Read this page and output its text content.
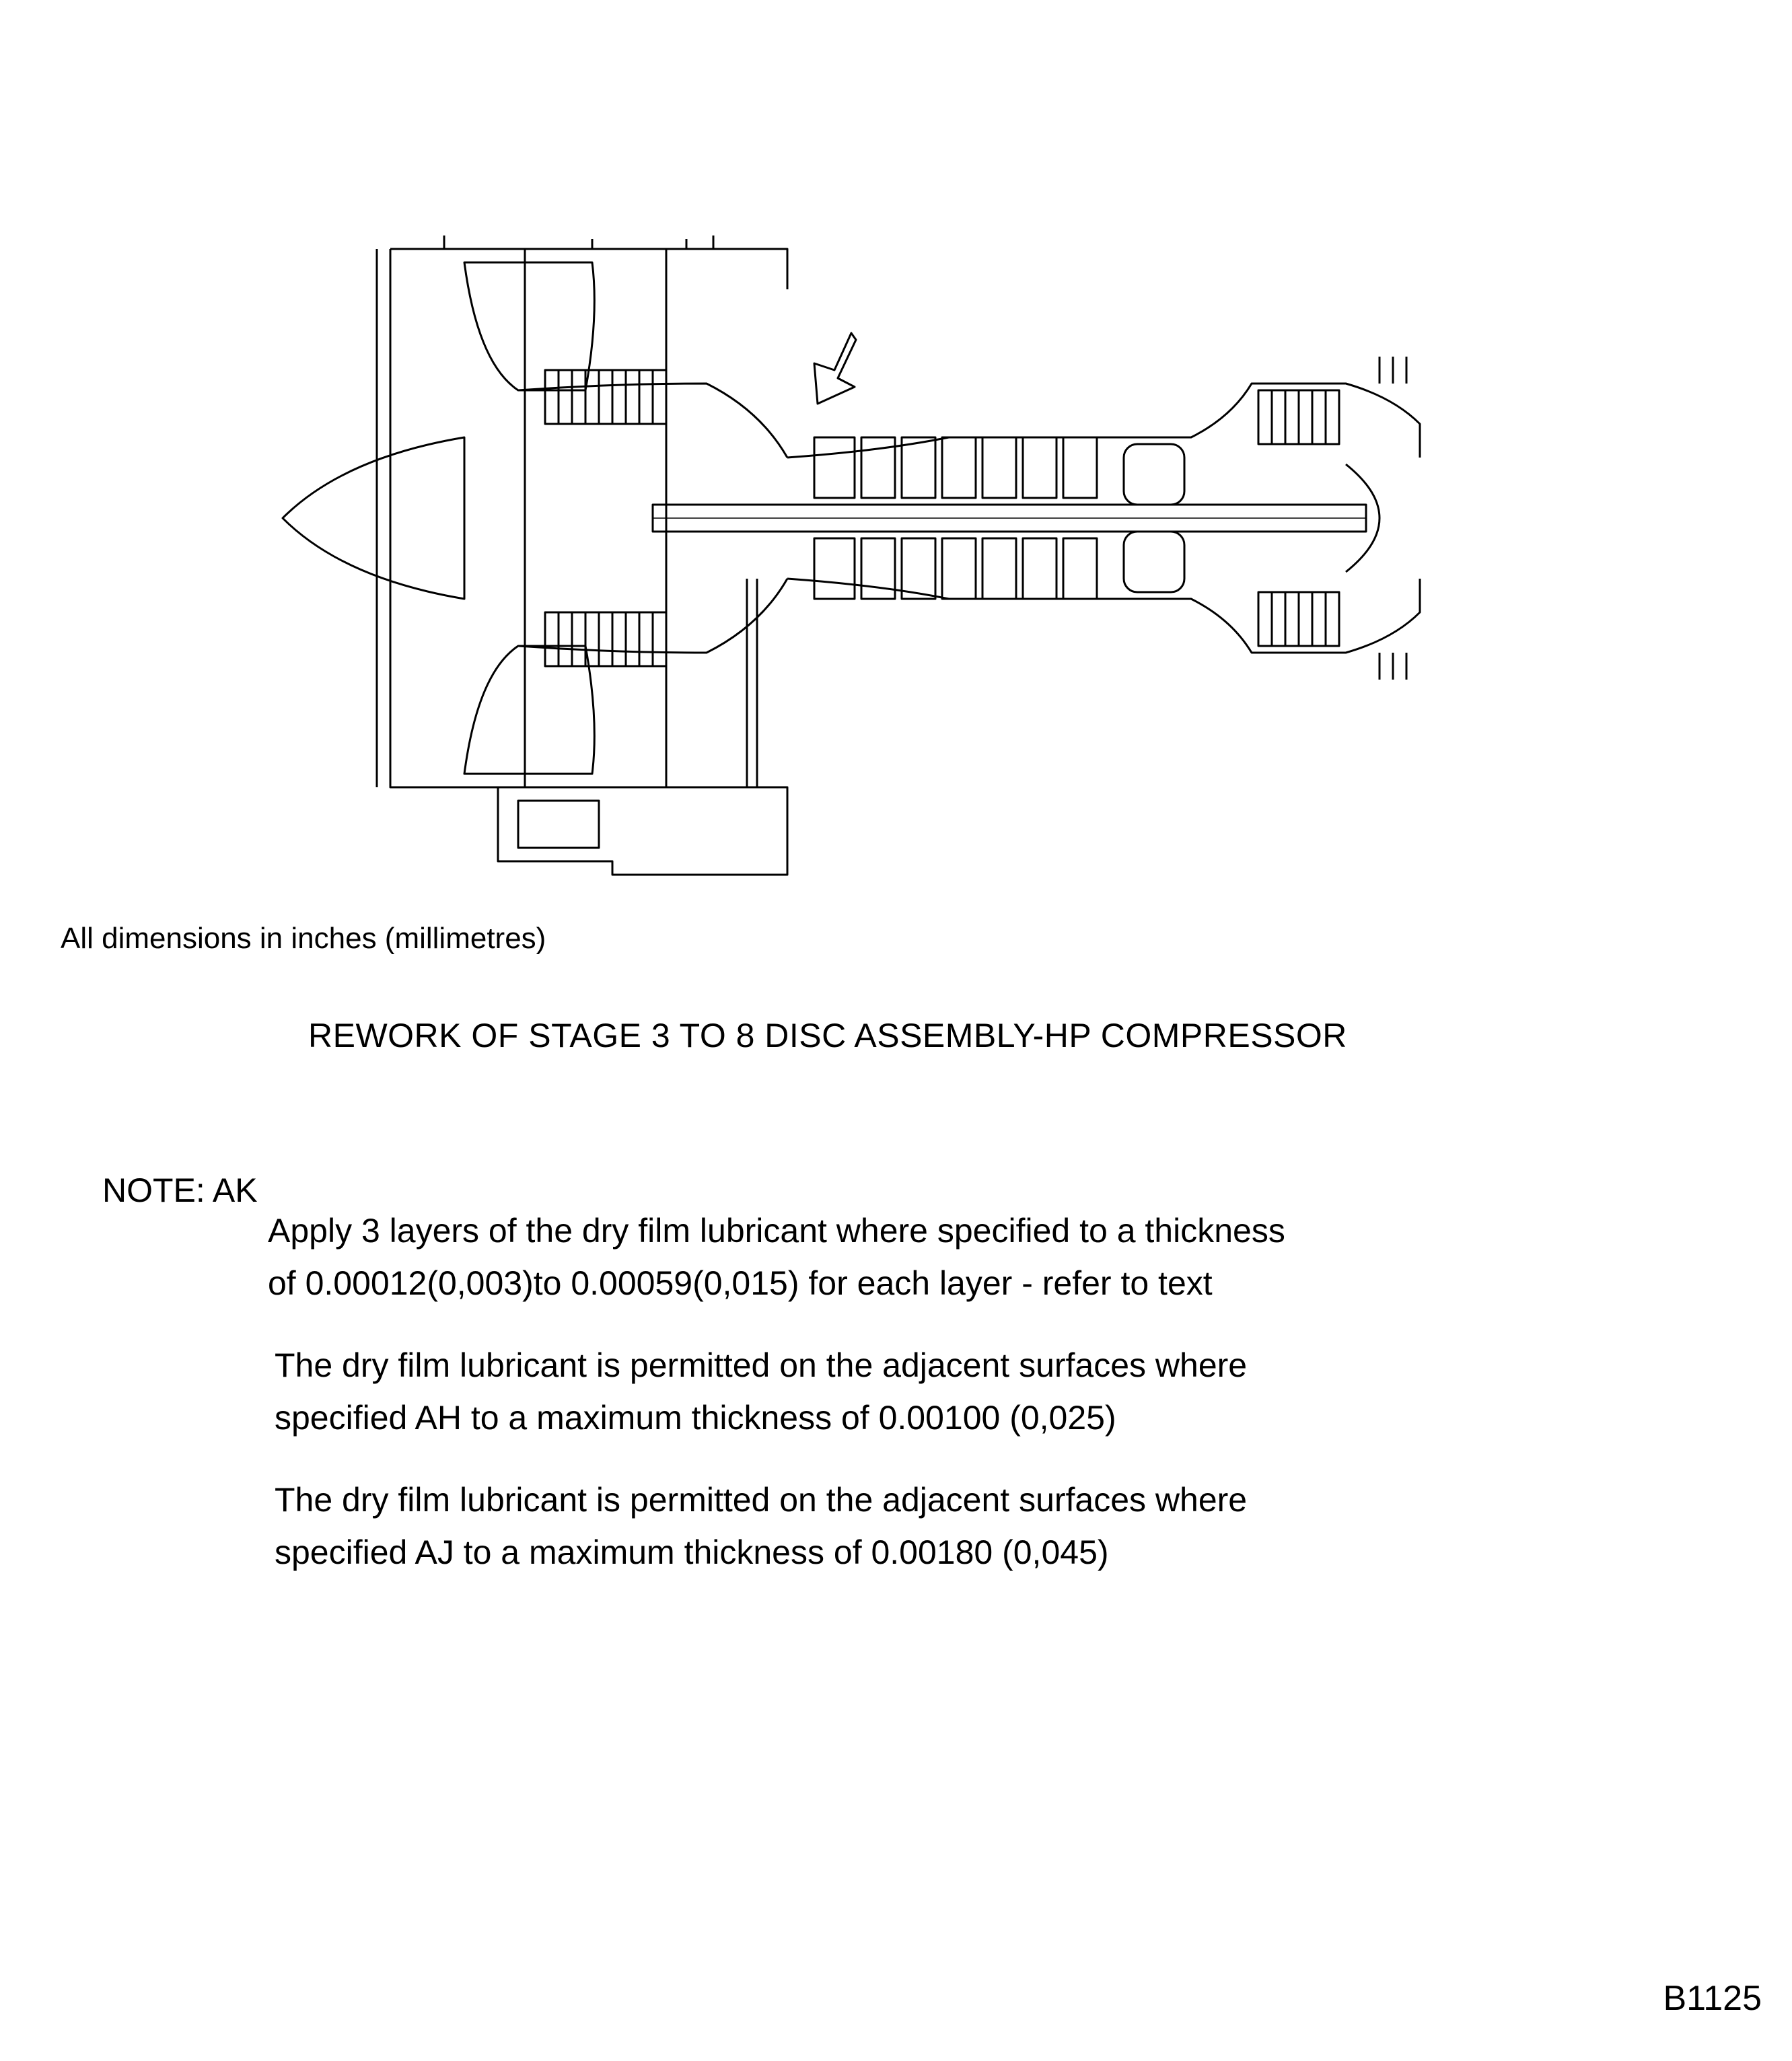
All dimensions in inches (millimetres)
REWORK OF STAGE 3 TO 8 DISC ASSEMBLY-HP COMPRESSOR
NOTE: AK
Apply 3 layers of the dry film lubricant where specified to a thickness
of 0.00012(0,003)to 0.00059(0,015) for each layer - refer to text
The dry film lubricant is permitted on the adjacent surfaces where
specified AH to a maximum thickness of 0.00100 (0,025)
The dry film lubricant is permitted on the adjacent surfaces where
specified AJ to a maximum thickness of 0.00180 (0,045)
B1125
